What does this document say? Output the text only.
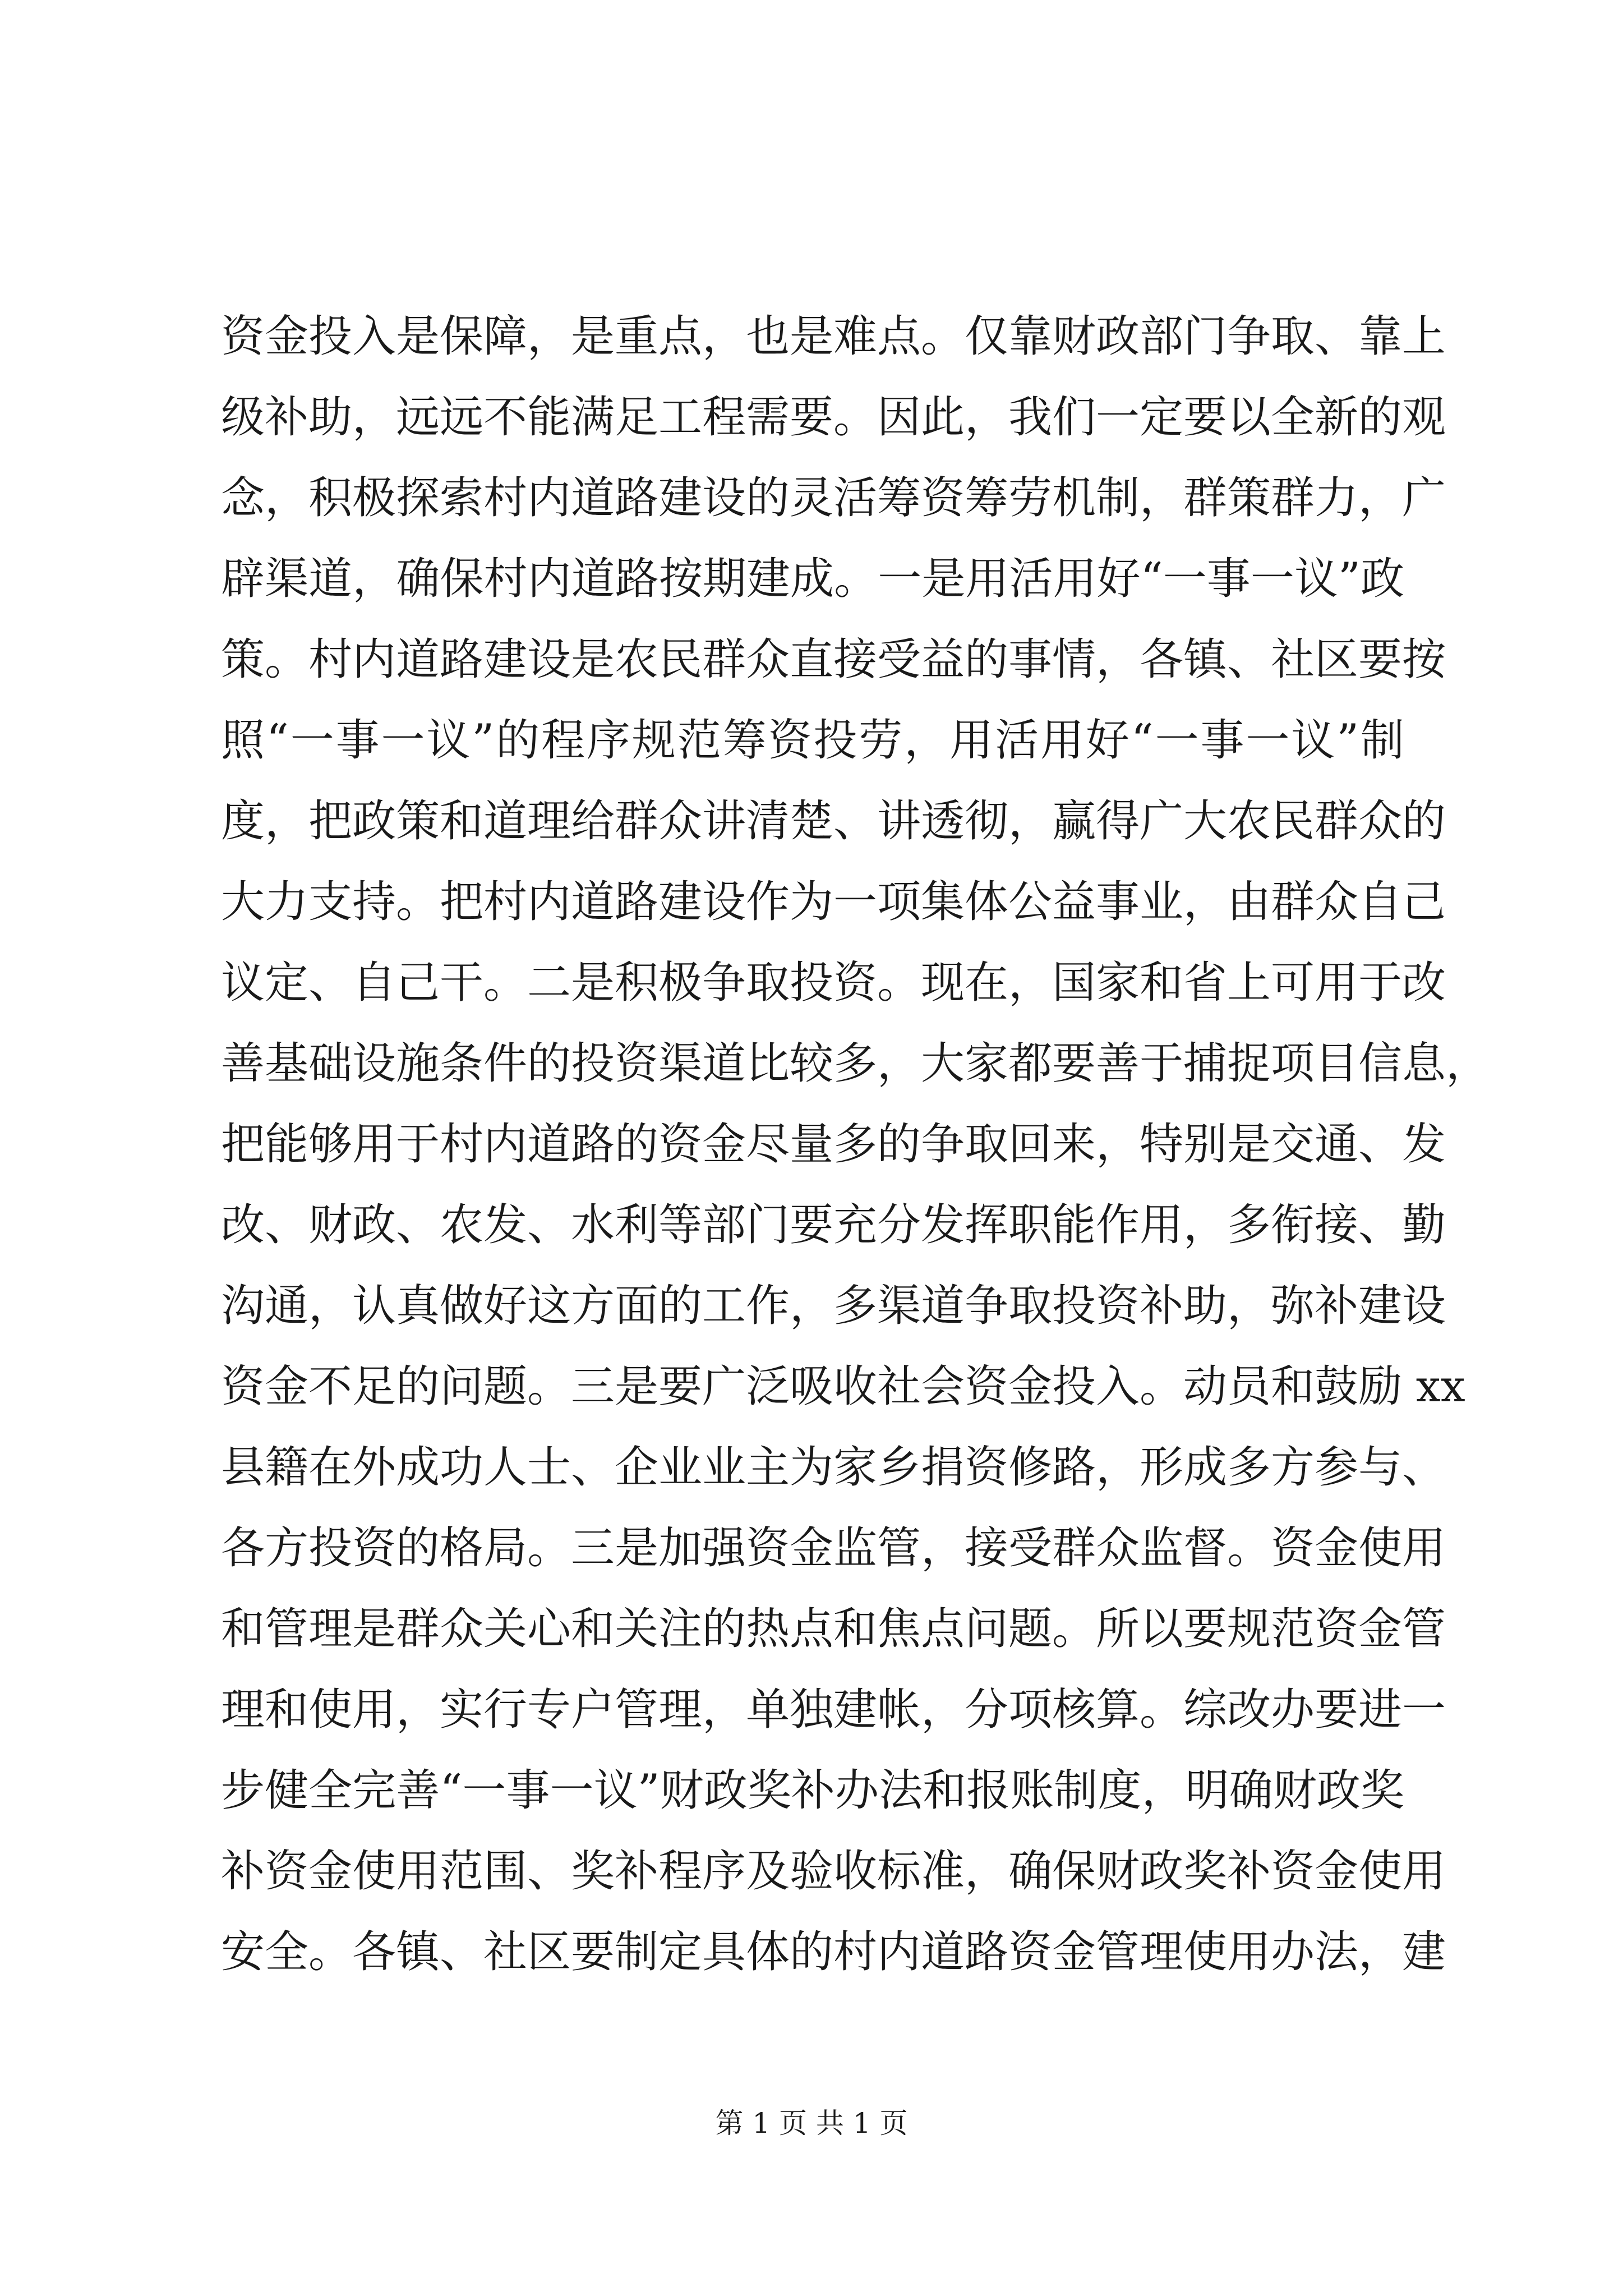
资金投入是保障，是重点，也是难点。仅靠财政部门争取、靠上
级补助，远远不能满足工程需要。因此，我们一定要以全新的观
念，积极探索村内道路建设的灵活筹资筹劳机制，群策群力，广
辟渠道，确保村内道路按期建成。一是用活用好“一事一议”政
策。村内道路建设是农民群众直接受益的事情，各镇、社区要按
照“一事一议”的程序规范筹资投劳，用活用好“一事一议”制
度，把政策和道理给群众讲清楚、讲透彻，赢得广大农民群众的
大力支持。把村内道路建设作为一项集体公益事业，由群众自己
议定、自己干。二是积极争取投资。现在，国家和省上可用于改
善基础设施条件的投资渠道比较多，大家都要善于捕捉项目信息，
把能够用于村内道路的资金尽量多的争取回来，特别是交通、发
改、财政、农发、水利等部门要充分发挥职能作用，多衔接、勤
沟通，认真做好这方面的工作，多渠道争取投资补助，弥补建设
资金不足的问题。三是要广泛吸收社会资金投入。动员和鼓励 xx
县籍在外成功人士、企业业主为家乡捐资修路，形成多方参与、
各方投资的格局。三是加强资金监管，接受群众监督。资金使用
和管理是群众关心和关注的热点和焦点问题。所以要规范资金管
理和使用，实行专户管理，单独建帐，分项核算。综改办要进一
步健全完善“一事一议”财政奖补办法和报账制度，明确财政奖
补资金使用范围、奖补程序及验收标准，确保财政奖补资金使用
安全。各镇、社区要制定具体的村内道路资金管理使用办法，建
第 1 页 共 1 页
